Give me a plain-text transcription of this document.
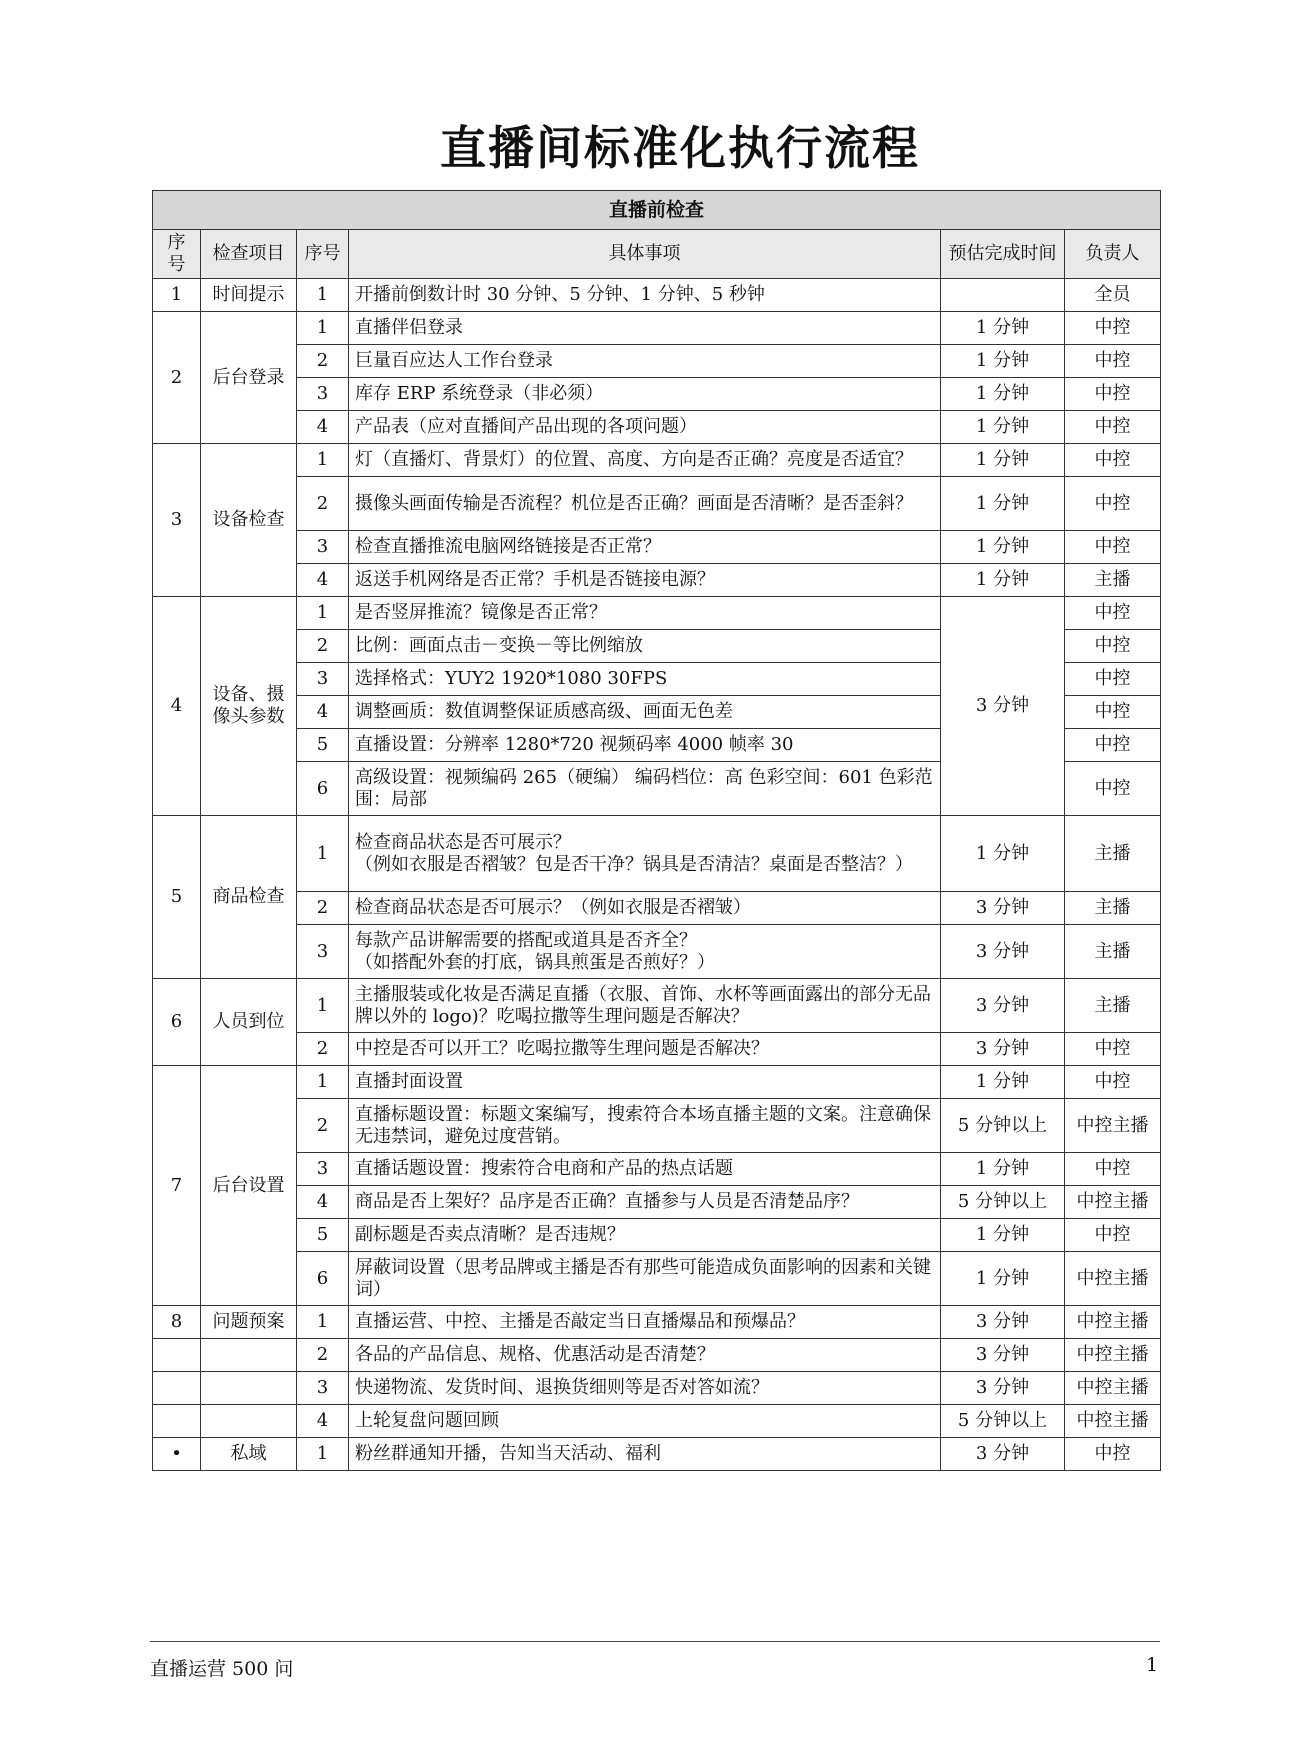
直播间标准化执行流程
直播前检查					
序号	检查项目	序号	具体事项	预估完成时间	负责人
1	时间提示	1	开播前倒数计时 30 分钟、5 分钟、1 分钟、5 秒钟		全员
2	后台登录	1	直播伴侣登录	1 分钟	中控
		2	巨量百应达人工作台登录	1 分钟	中控
		3	库存 ERP 系统登录（非必须）	1 分钟	中控
		4	产品表（应对直播间产品出现的各项问题）	1 分钟	中控
3	设备检查	1	灯（直播灯、背景灯）的位置、高度、方向是否正确？亮度是否适宜？	1 分钟	中控
		2	摄像头画面传输是否流程？机位是否正确？画面是否清晰？是否歪斜？	1 分钟	中控
		3	检查直播推流电脑网络链接是否正常？	1 分钟	中控
		4	返送手机网络是否正常？手机是否链接电源？	1 分钟	主播
4	设备、摄像头参数	1	是否竖屏推流？镜像是否正常？	3 分钟	中控
		2	比例：画面点击－变换－等比例缩放		中控
		3	选择格式：YUY2 1920*1080 30FPS		中控
		4	调整画质：数值调整保证质感高级、画面无色差		中控
		5	直播设置：分辨率 1280*720 视频码率 4000 帧率 30		中控
		6	高级设置：视频编码 265（硬编） 编码档位：高 色彩空间：601 色彩范围：局部		中控
5	商品检查	1	检查商品状态是否可展示？
（例如衣服是否褶皱？包是否干净？锅具是否清洁？桌面是否整洁？）	1 分钟	主播
		2	检查商品状态是否可展示？（例如衣服是否褶皱）	3 分钟	主播
		3	每款产品讲解需要的搭配或道具是否齐全？
（如搭配外套的打底，锅具煎蛋是否煎好？）	3 分钟	主播
6	人员到位	1	主播服装或化妆是否满足直播（衣服、首饰、水杯等画面露出的部分无品牌以外的 logo)？吃喝拉撒等生理问题是否解决？	3 分钟	主播
		2	中控是否可以开工？吃喝拉撒等生理问题是否解决？	3 分钟	中控
7	后台设置	1	直播封面设置	1 分钟	中控
		2	直播标题设置：标题文案编写，搜索符合本场直播主题的文案。注意确保无违禁词，避免过度营销。	5 分钟以上	中控主播
		3	直播话题设置：搜索符合电商和产品的热点话题	1 分钟	中控
		4	商品是否上架好？品序是否正确？直播参与人员是否清楚品序？	5 分钟以上	中控主播
		5	副标题是否卖点清晰？是否违规？	1 分钟	中控
		6	屏蔽词设置（思考品牌或主播是否有那些可能造成负面影响的因素和关键词）	1 分钟	中控主播
8	问题预案	1	直播运营、中控、主播是否敲定当日直播爆品和预爆品？	3 分钟	中控主播
		2	各品的产品信息、规格、优惠活动是否清楚？	3 分钟	中控主播
		3	快递物流、发货时间、退换货细则等是否对答如流？	3 分钟	中控主播
		4	上轮复盘问题回顾	5 分钟以上	中控主播
•	私域	1	粉丝群通知开播，告知当天活动、福利	3 分钟	中控
直播运营 500 问	1
